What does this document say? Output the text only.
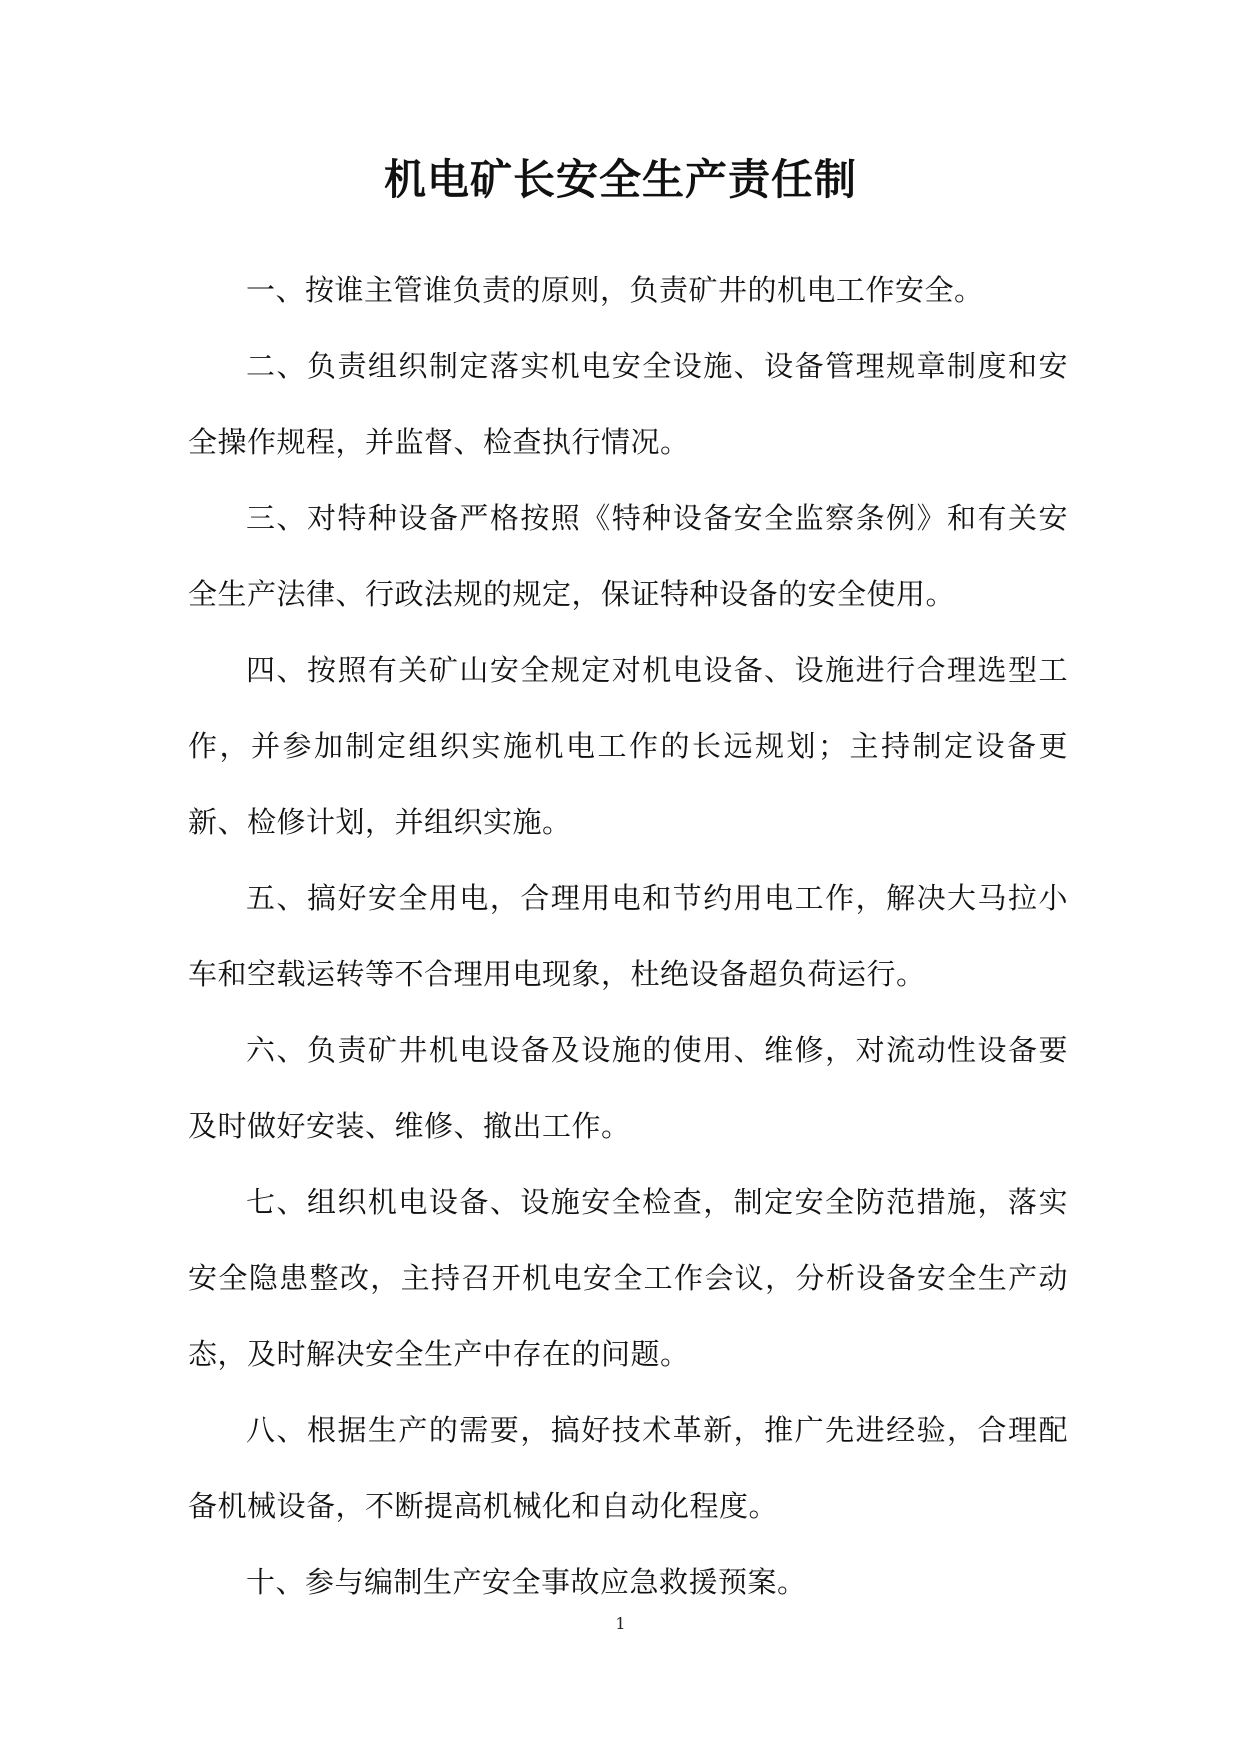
机电矿长安全生产责任制

一、按谁主管谁负责的原则，负责矿井的机电工作安全。

二、负责组织制定落实机电安全设施、设备管理规章制度和安全操作规程，并监督、检查执行情况。

三、对特种设备严格按照《特种设备安全监察条例》和有关安全生产法律、行政法规的规定，保证特种设备的安全使用。

四、按照有关矿山安全规定对机电设备、设施进行合理选型工作，并参加制定组织实施机电工作的长远规划；主持制定设备更新、检修计划，并组织实施。

五、搞好安全用电，合理用电和节约用电工作，解决大马拉小车和空载运转等不合理用电现象，杜绝设备超负荷运行。

六、负责矿井机电设备及设施的使用、维修，对流动性设备要及时做好安装、维修、撤出工作。

七、组织机电设备、设施安全检查，制定安全防范措施，落实安全隐患整改，主持召开机电安全工作会议，分析设备安全生产动态，及时解决安全生产中存在的问题。

八、根据生产的需要，搞好技术革新，推广先进经验，合理配备机械设备，不断提高机械化和自动化程度。

十、参与编制生产安全事故应急救援预案。

1
